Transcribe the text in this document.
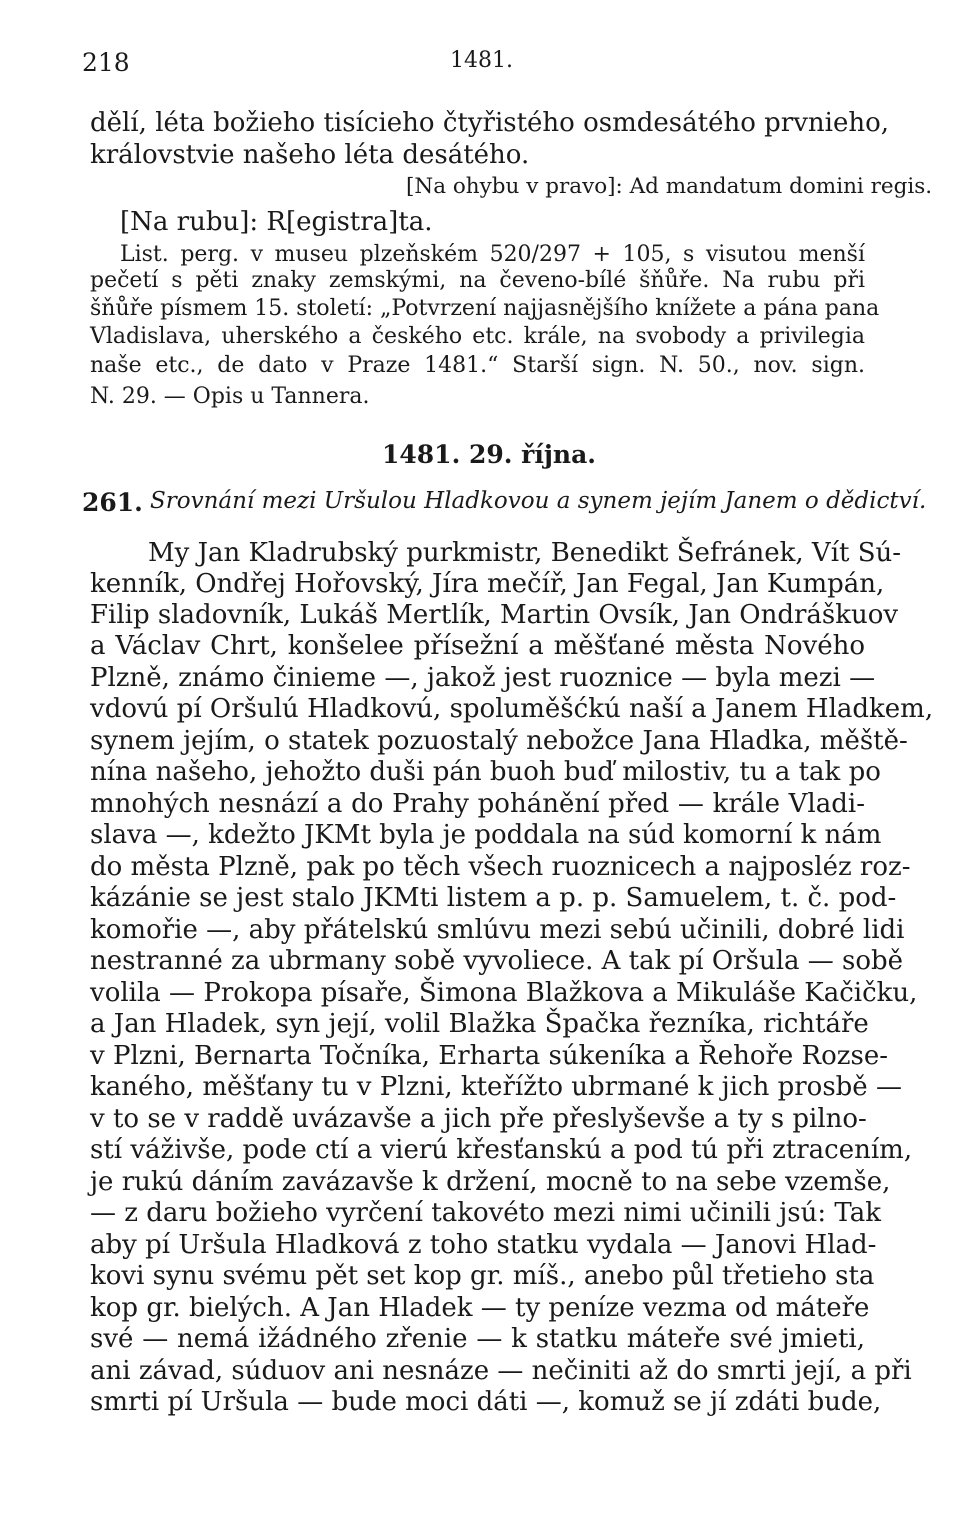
218	1481.
dělí, léta božieho tisícieho čtyřistého osmdesátého prvnieho,
královstvie našeho léta desátého.
[Na ohybu v pravo]: Ad mandatum domini regis.
[Na rubu]: R[egistra]ta.
List. perg. v museu plzeňském 520/297 + 105, s visutou menší
pečetí s pěti znaky zemskými, na čeveno-bílé šňůře. Na rubu při
šňůře písmem 15. století: „Potvrzení najjasnějšího knížete a pána pana
Vladislava, uherského a českého etc. krále, na svobody a privilegia
naše etc., de dato v Praze 1481.“ Starší sign. N. 50., nov. sign.
N. 29. — Opis u Tannera.
1481. 29. října.
261. Srovnání mezi Uršulou Hladkovou a synem jejím Janem o dědictví.
My Jan Kladrubský purkmistr, Benedikt Šefránek, Vít Sú-
kenník, Ondřej Hořovský, Jíra mečíř, Jan Fegal, Jan Kumpán,
Filip sladovník, Lukáš Mertlík, Martin Ovsík, Jan Ondráškuov
a Václav Chrt, konšelee přísežní a měšťané města Nového
Plzně, známo činieme —, jakož jest ruoznice — byla mezi —
vdovú pí Oršulú Hladkovú, spoluměšćkú naší a Janem Hladkem,
synem jejím, o statek pozuostalý nebožce Jana Hladka, měště-
nína našeho, jehožto duši pán buoh buď milostiv, tu a tak po
mnohých nesnází a do Prahy pohánění před — krále Vladi-
slava —, kdežto JKMt byla je poddala na súd komorní k nám
do města Plzně, pak po těch všech ruoznicech a najposléz roz-
kázánie se jest stalo JKMti listem a p. p. Samuelem, t. č. pod-
komořie —, aby přátelskú smlúvu mezi sebú učinili, dobré lidi
nestranné za ubrmany sobě vyvoliece. A tak pí Oršula — sobě
volila — Prokopa písaře, Šimona Blažkova a Mikuláše Kačičku,
a Jan Hladek, syn její, volil Blažka Špačka řezníka, richtáře
v Plzni, Bernarta Točníka, Erharta súkeníka a Řehoře Rozse-
kaného, měšťany tu v Plzni, kteřížto ubrmané k jich prosbě —
v to se v raddě uvázavše a jich pře přeslyševše a ty s pilno-
stí váživše, pode ctí a vierú křesťanskú a pod tú při ztracením,
je rukú dáním zavázavše k držení, mocně to na sebe vzemše,
— z daru božieho vyrčení takovéto mezi nimi učinili jsú: Tak
aby pí Uršula Hladková z toho statku vydala — Janovi Hlad-
kovi synu svému pět set kop gr. míš., anebo půl třetieho sta
kop gr. bielých. A Jan Hladek — ty peníze vezma od máteře
své — nemá ižádného zřenie — k statku máteře své jmieti,
ani závad, súduov ani nesnáze — nečiniti až do smrti její, a při
smrti pí Uršula — bude moci dáti —, komuž se jí zdáti bude,
